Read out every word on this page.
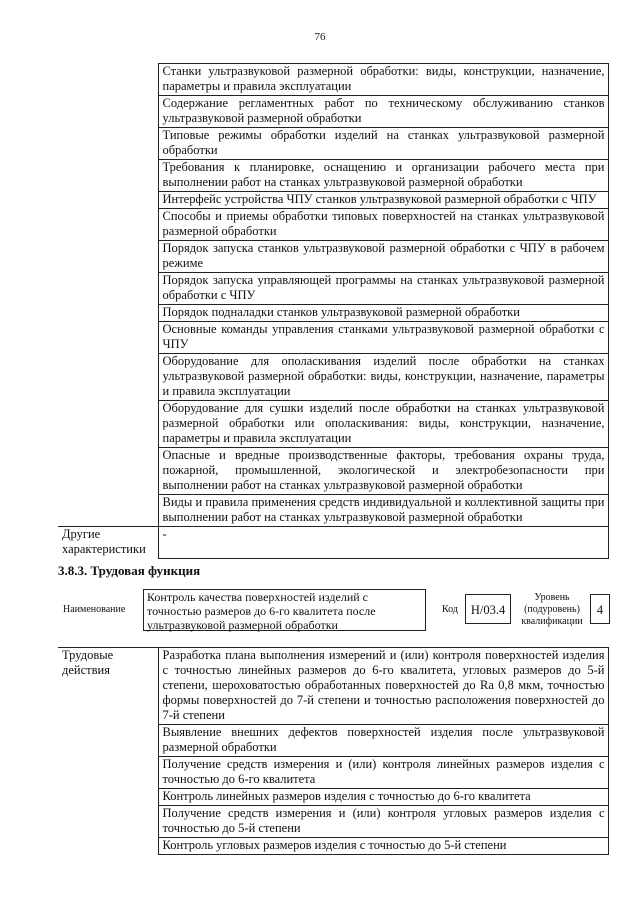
76
	Станки ультразвуковой размерной обработки: виды, конструкции, назначение, параметры и правила эксплуатации
	Содержание регламентных работ по техническому обслуживанию станков ультразвуковой размерной обработки
	Типовые режимы обработки изделий на станках ультразвуковой размерной обработки
	Требования к планировке, оснащению и организации рабочего места при выполнении работ на станках ультразвуковой размерной обработки
	Интерфейс устройства ЧПУ станков ультразвуковой размерной обработки с ЧПУ
	Способы и приемы обработки типовых поверхностей на станках ультразвуковой размерной обработки
	Порядок запуска станков ультразвуковой размерной обработки с ЧПУ в рабочем режиме
	Порядок запуска управляющей программы на станках ультразвуковой размерной обработки с ЧПУ
	Порядок подналадки станков ультразвуковой размерной обработки
	Основные команды управления станками ультразвуковой размерной обработки с ЧПУ
	Оборудование для ополаскивания изделий после обработки на станках ультразвуковой размерной обработки: виды, конструкции, назначение, параметры и правила эксплуатации
	Оборудование для сушки изделий после обработки на станках ультразвуковой размерной обработки или ополаскивания: виды, конструкции, назначение, параметры и правила эксплуатации
	Опасные и вредные производственные факторы, требования охраны труда, пожарной, промышленной, экологической и электробезопасности при выполнении работ на станках ультразвуковой размерной обработки
	Виды и правила применения средств индивидуальной и коллективной защиты при выполнении работ на станках ультразвуковой размерной обработки
Другие характеристики	-
3.8.3. Трудовая функция
Наименование
Контроль качества поверхностей изделий с точностью размеров до 6-го квалитета после ультразвуковой размерной обработки
Код	H/03.4
Уровень (подуровень) квалификации
4
Трудовые действия	Разработка плана выполнения измерений и (или) контроля поверхностей изделия с точностью линейных размеров до 6-го квалитета, угловых размеров до 5-й степени, шероховатостью обработанных поверхностей до Ra 0,8 мкм, точностью формы поверхностей до 7-й степени и точностью расположения поверхностей до 7-й степени
Выявление внешних дефектов поверхностей изделия после ультразвуковой размерной обработки
Получение средств измерения и (или) контроля линейных размеров изделия с точностью до 6-го квалитета
Контроль линейных размеров изделия с точностью до 6-го квалитета
Получение средств измерения и (или) контроля угловых размеров изделия с точностью до 5-й степени
Контроль угловых размеров изделия с точностью до 5-й степени
